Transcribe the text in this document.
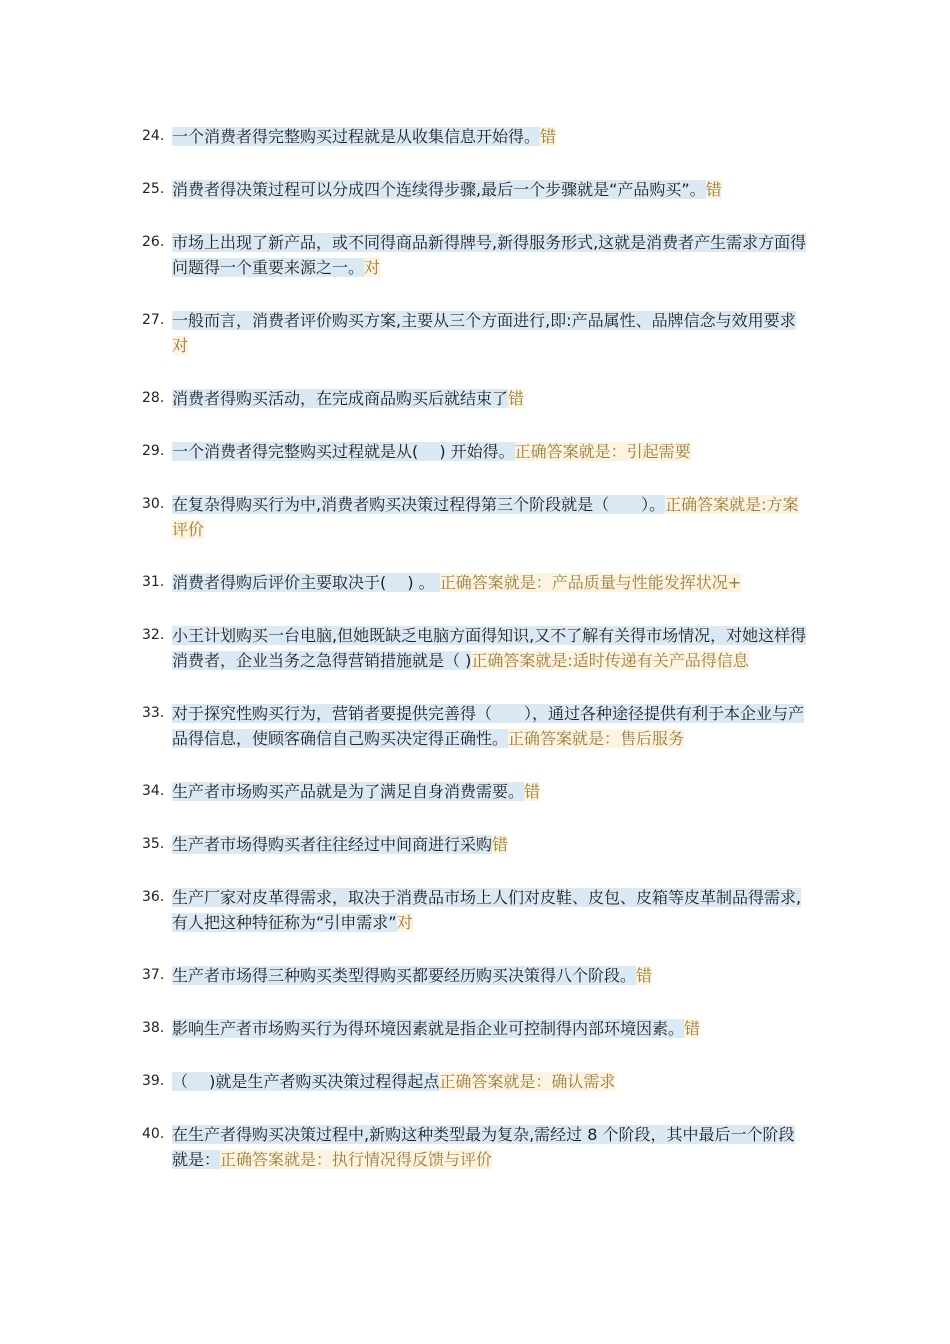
24. 一个消费者得完整购买过程就是从收集信息开始得。错
25. 消费者得决策过程可以分成四个连续得步骤,最后一个步骤就是“产品购买”。错
26. 市场上出现了新产品，或不同得商品新得牌号,新得服务形式,这就是消费者产生需求方面得问题得一个重要来源之一。对
27. 一般而言，消费者评价购买方案,主要从三个方面进行,即:产品属性、品牌信念与效用要求对
28. 消费者得购买活动，在完成商品购买后就结束了错
29. 一个消费者得完整购买过程就是从(　 ) 开始得。正确答案就是：引起需要
30. 在复杂得购买行为中,消费者购买决策过程得第三个阶段就是（　　）。正确答案就是:方案评价
31. 消费者得购后评价主要取决于(　 ) 。 正确答案就是：产品质量与性能发挥状况+
32. 小王计划购买一台电脑,但她既缺乏电脑方面得知识,又不了解有关得市场情况，对她这样得消费者，企业当务之急得营销措施就是（ )正确答案就是:适时传递有关产品得信息
33. 对于探究性购买行为，营销者要提供完善得（　　），通过各种途径提供有利于本企业与产品得信息，使顾客确信自己购买决定得正确性。正确答案就是：售后服务
34. 生产者市场购买产品就是为了满足自身消费需要。错
35. 生产者市场得购买者往往经过中间商进行采购错
36. 生产厂家对皮革得需求，取决于消费品市场上人们对皮鞋、皮包、皮箱等皮革制品得需求,有人把这种特征称为“引申需求”对
37. 生产者市场得三种购买类型得购买都要经历购买决策得八个阶段。错
38. 影响生产者市场购买行为得环境因素就是指企业可控制得内部环境因素。错
39. （　 )就是生产者购买决策过程得起点正确答案就是：确认需求
40. 在生产者得购买决策过程中,新购这种类型最为复杂,需经过 8 个阶段，其中最后一个阶段就是：正确答案就是：执行情况得反馈与评价
